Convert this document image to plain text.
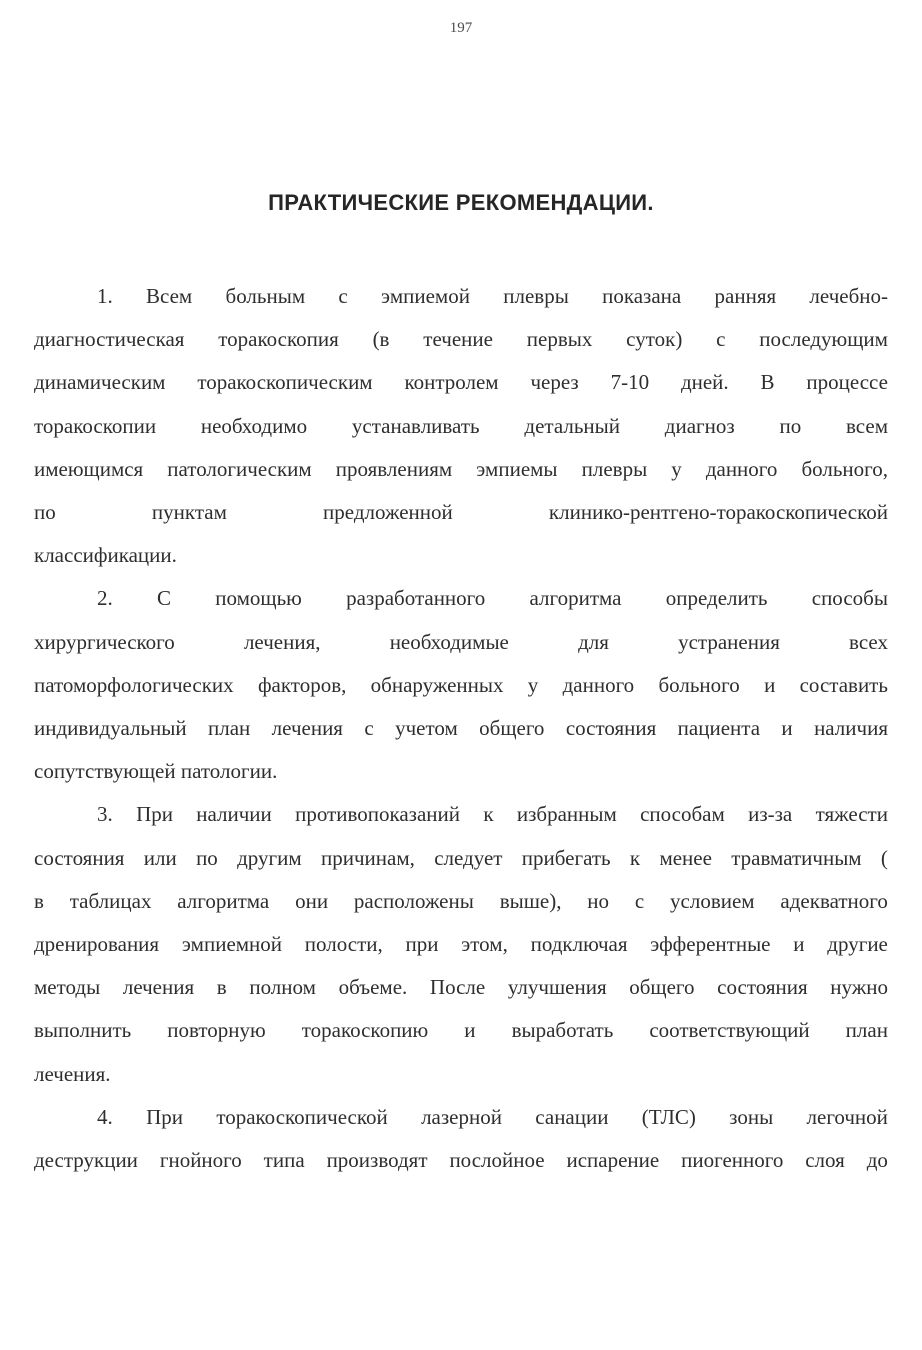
197
ПРАКТИЧЕСКИЕ РЕКОМЕНДАЦИИ.
1. Всем больным с эмпиемой плевры показана ранняя лечебно-
диагностическая торакоскопия (в течение первых суток) с последующим
динамическим торакоскопическим контролем через 7-10 дней. В процессе
торакоскопии необходимо устанавливать детальный диагноз по всем
имеющимся патологическим проявлениям эмпиемы плевры у данного больного,
по	пунктам	предложенной	клинико-рентгено-торакоскопической
классификации.
2. С помощью разработанного алгоритма определить способы
хирургического	лечения,	необходимые	для	устранения	всех
патоморфологических факторов, обнаруженных у данного больного и составить
индивидуальный план лечения с учетом общего состояния пациента и наличия
сопутствующей патологии.
3. При наличии противопоказаний к избранным способам из-за тяжести
состояния или по другим причинам, следует прибегать к менее травматичным (
в таблицах алгоритма они расположены выше), но с условием адекватного
дренирования эмпиемной полости, при этом, подключая эфферентные и другие
методы лечения в полном объеме. После улучшения общего состояния нужно
выполнить повторную торакоскопию и выработать соответствующий план
лечения.
4. При торакоскопической лазерной санации (ТЛС) зоны легочной
деструкции гнойного типа производят послойное испарение пиогенного слоя до
